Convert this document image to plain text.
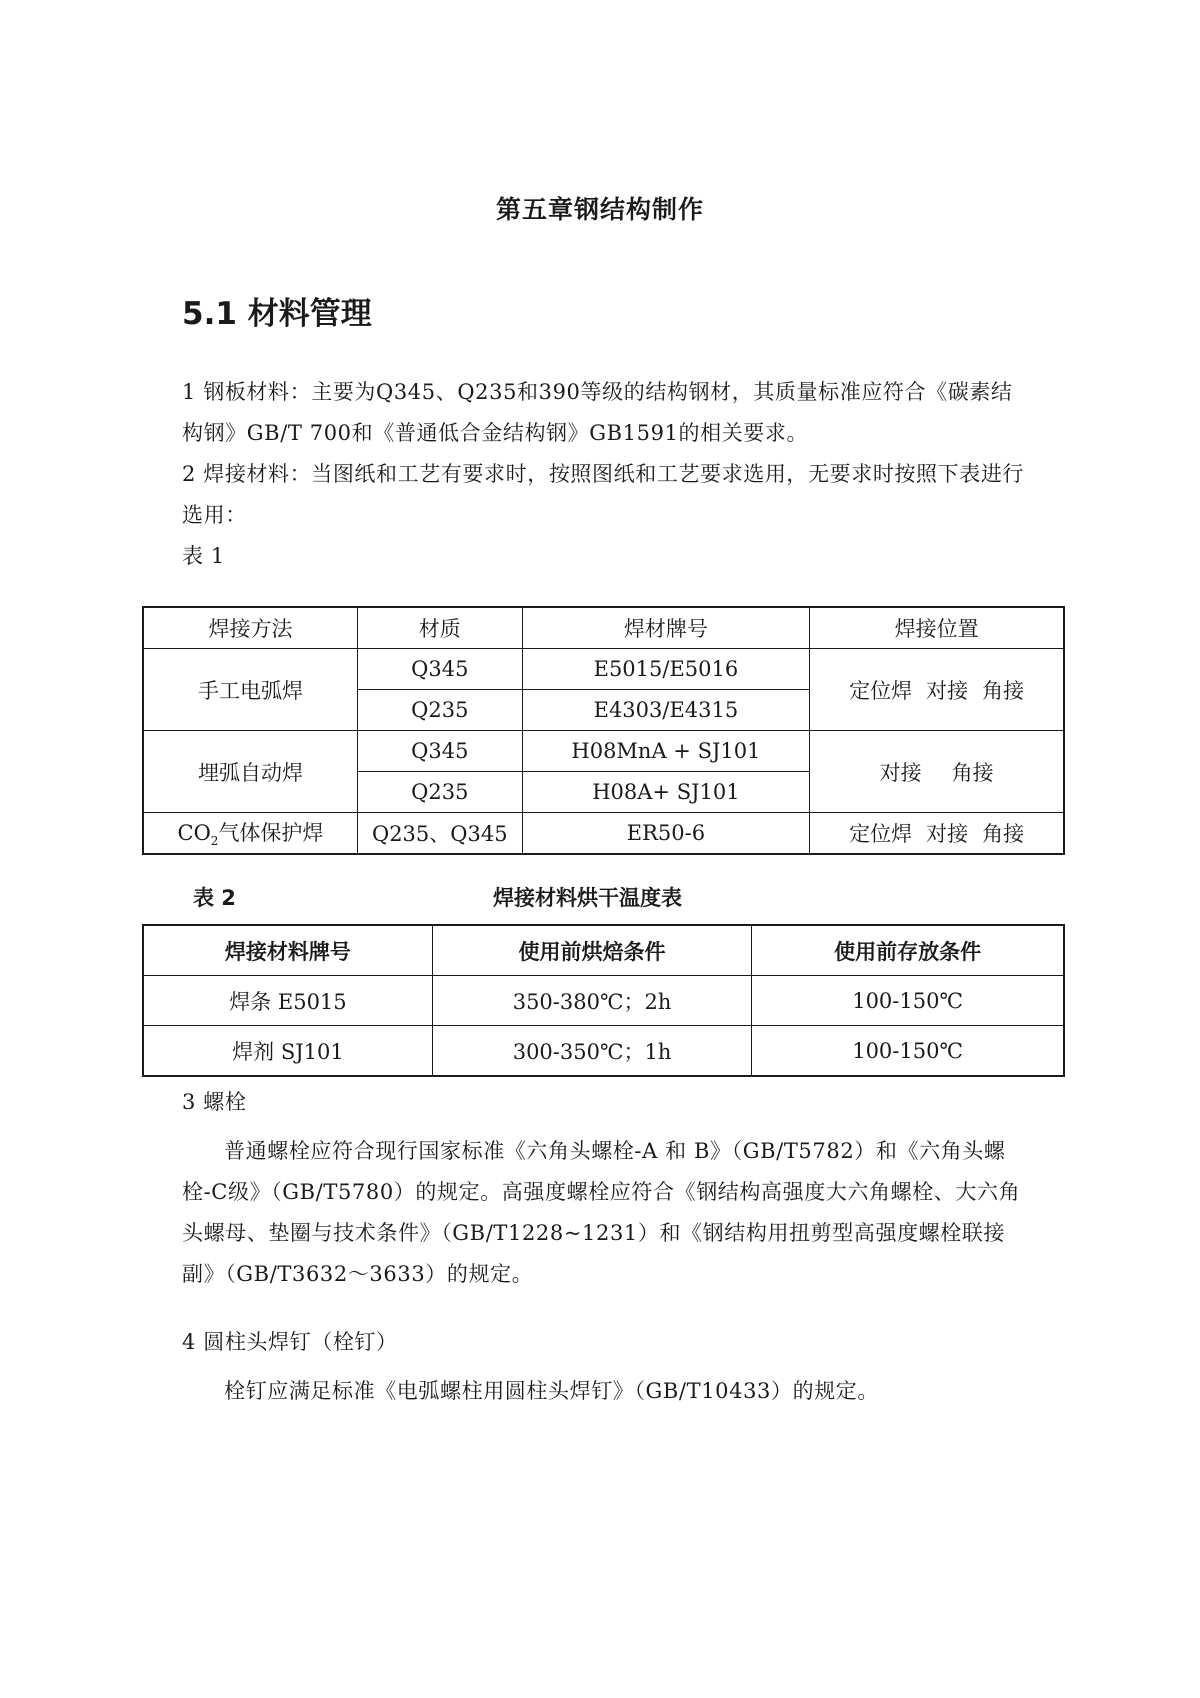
第五章钢结构制作
5.1 材料管理
1 钢板材料：主要为Q345、Q235和390等级的结构钢材，其质量标准应符合《碳素结构钢》GB/T 700和《普通低合金结构钢》GB1591的相关要求。
2 焊接材料：当图纸和工艺有要求时，按照图纸和工艺要求选用，无要求时按照下表进行选用：
表 1
焊接方法	材质	焊材牌号	焊接位置
手工电弧焊	Q345	E5015/E5016	定位焊 对接 角接
	Q235	E4303/E4315	
埋弧自动焊	Q345	H08MnA + SJ101	对接 角接
	Q235	H08A+ SJ101	
$CO_2$气体保护焊	Q235、Q345	ER50-6	定位焊 对接 角接
表 2	焊接材料烘干温度表
焊接材料牌号	使用前烘焙条件	使用前存放条件
焊条 E5015	350-380℃；2h	100-150℃
焊剂 SJ101	300-350℃；1h	100-150℃
3 螺栓
普通螺栓应符合现行国家标准《六角头螺栓-A 和 B》（GB/T5782）和《六角头螺栓-C级》（GB/T5780）的规定。高强度螺栓应符合《钢结构高强度大六角螺栓、大六角头螺母、垫圈与技术条件》（GB/T1228~1231）和《钢结构用扭剪型高强度螺栓联接副》（GB/T3632～3633）的规定。
4 圆柱头焊钉（栓钉）
栓钉应满足标准《电弧螺柱用圆柱头焊钉》（GB/T10433）的规定。
